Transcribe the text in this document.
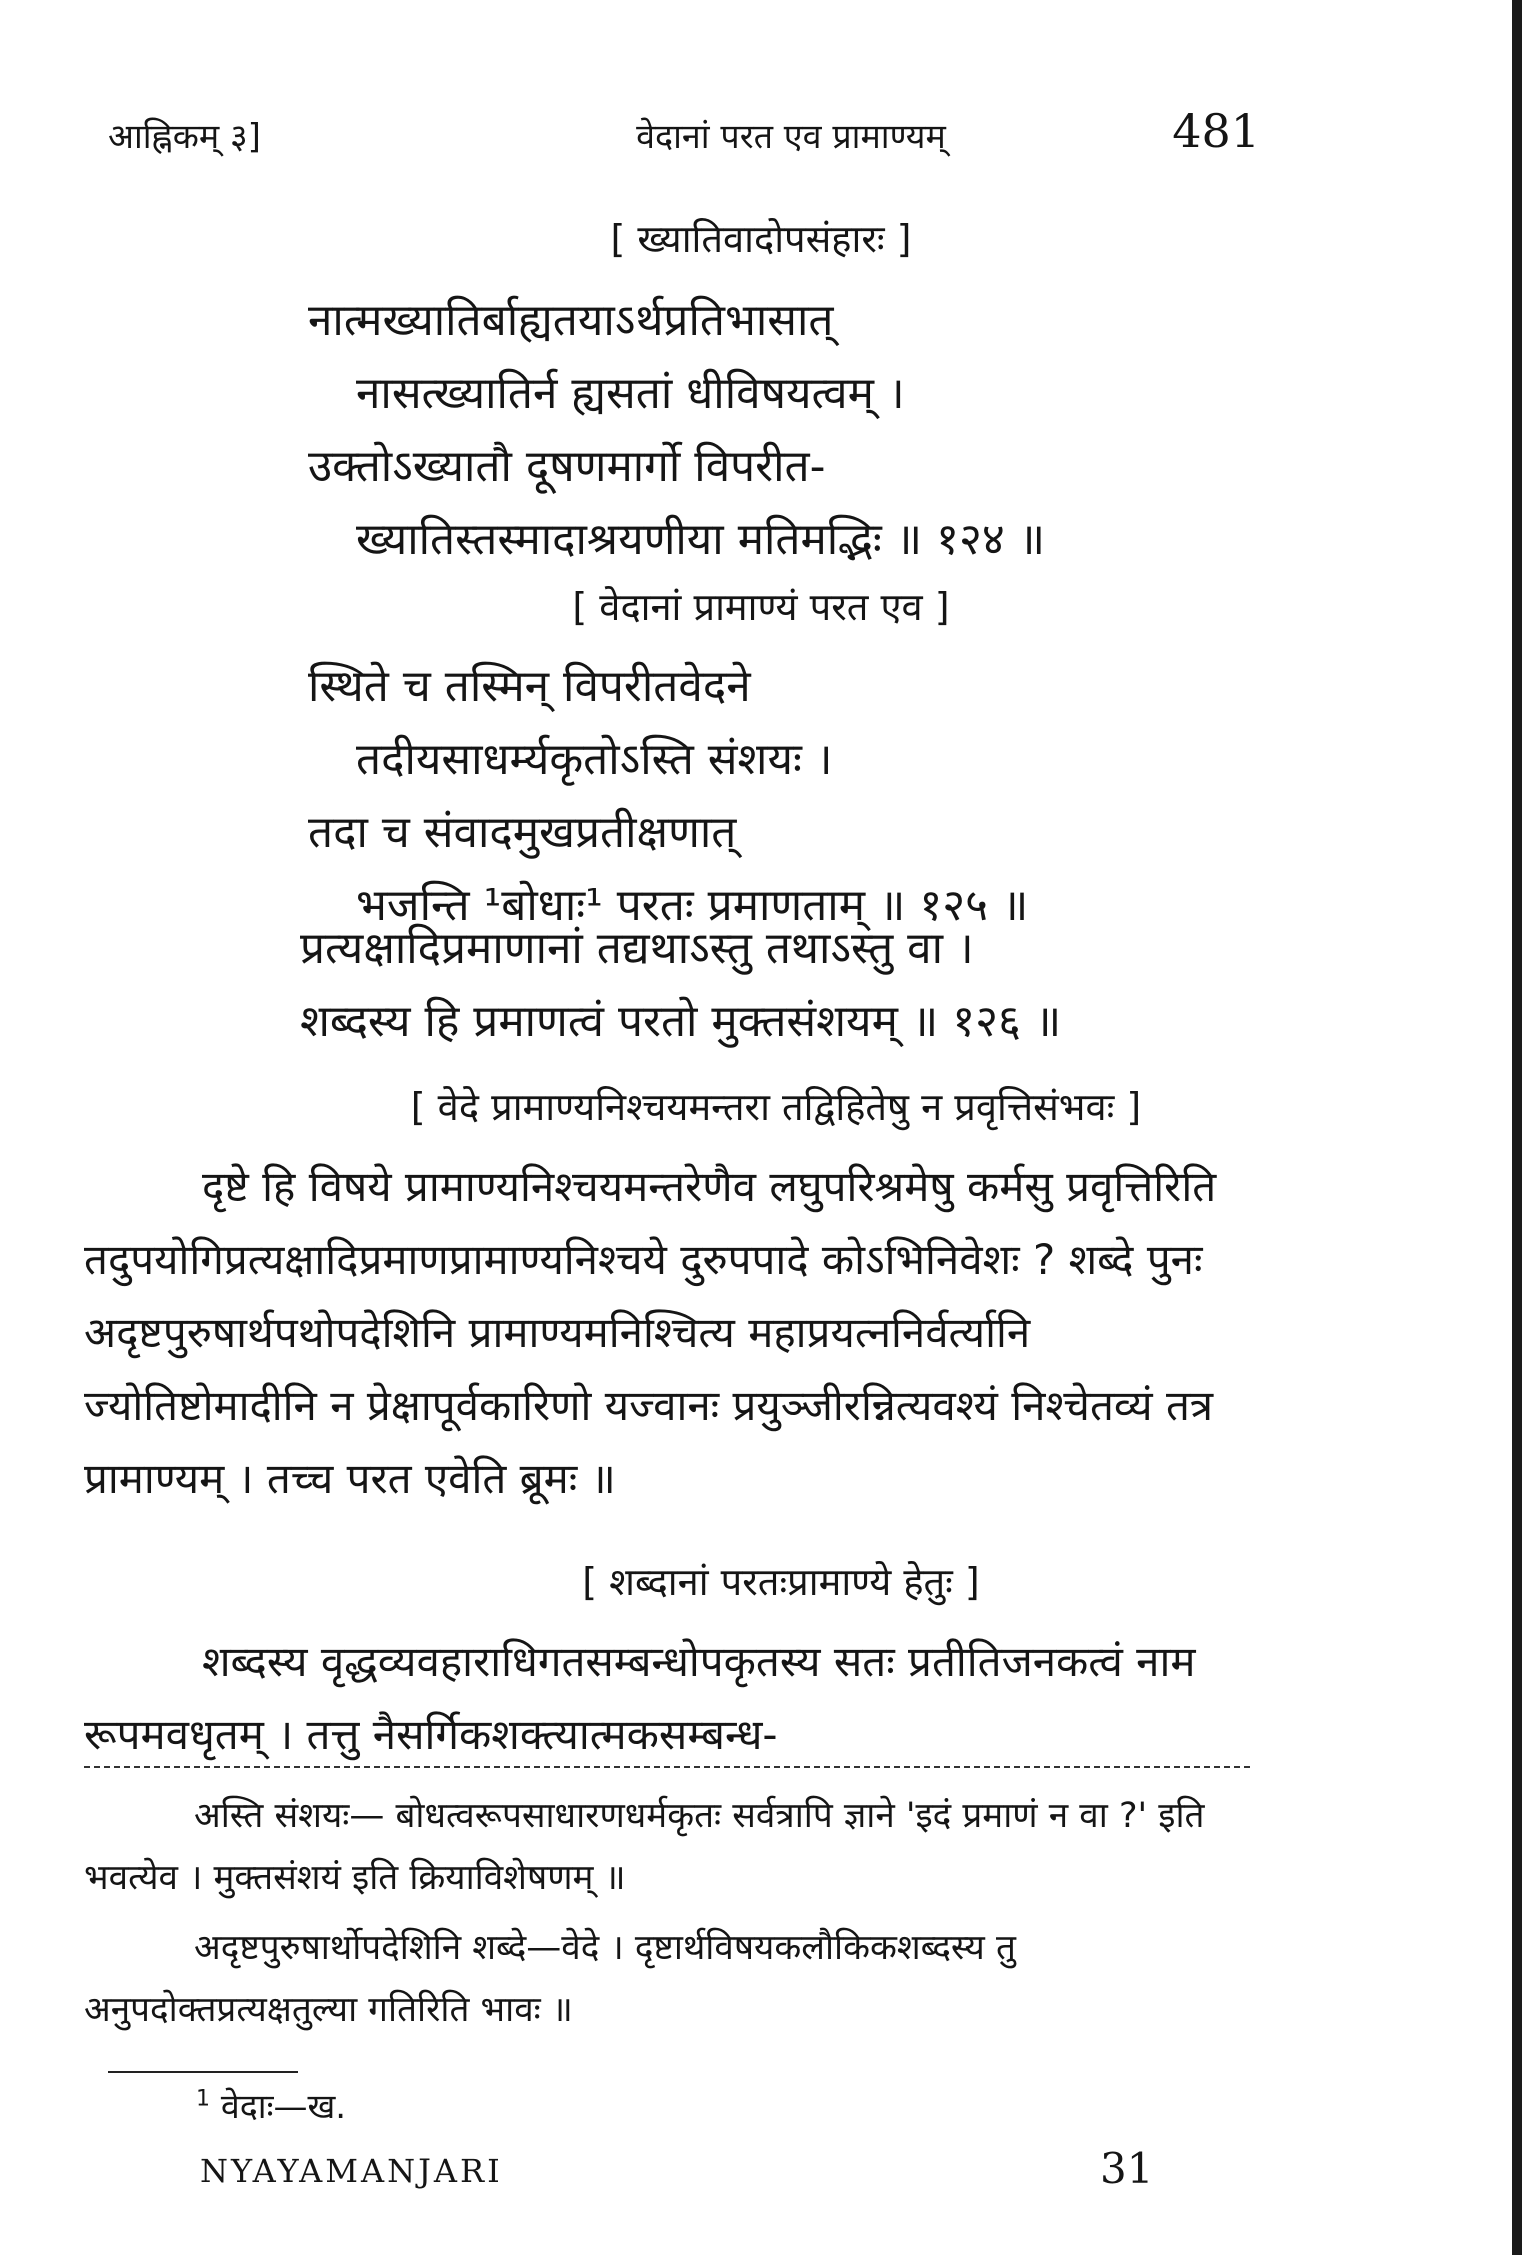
आह्निकम् ३]	वेदानां परत एव प्रामाण्यम्	481
[ ख्यातिवादोपसंहारः ]
नात्मख्यातिर्बाह्यतयाऽर्थप्रतिभासात्
नासत्ख्यातिर्न ह्यसतां धीविषयत्वम् ।
उक्तोऽख्यातौ दूषणमार्गो विपरीत-
ख्यातिस्तस्मादाश्रयणीया मतिमद्भिः ॥ १२४ ॥
[ वेदानां प्रामाण्यं परत एव ]
स्थिते च तस्मिन् विपरीतवेदने
तदीयसाधर्म्यकृतोऽस्ति संशयः ।
तदा च संवादमुखप्रतीक्षणात्
भजन्ति ¹बोधाः¹ परतः प्रमाणताम् ॥ १२५ ॥
प्रत्यक्षादिप्रमाणानां तद्यथाऽस्तु तथाऽस्तु वा ।
शब्दस्य हि प्रमाणत्वं परतो मुक्तसंशयम् ॥ १२६ ॥
[ वेदे प्रामाण्यनिश्चयमन्तरा तद्विहितेषु न प्रवृत्तिसंभवः ]
दृष्टे हि विषये प्रामाण्यनिश्चयमन्तरेणैव लघुपरिश्रमेषु कर्मसु प्रवृत्तिरिति तदुपयोगिप्रत्यक्षादिप्रमाणप्रामाण्यनिश्चये दुरुपपादे कोऽभिनिवेशः ? शब्दे पुनः अदृष्टपुरुषार्थपथोपदेशिनि प्रामाण्यमनिश्चित्य महाप्रयत्ननिर्वर्त्यानि ज्योतिष्टोमादीनि न प्रेक्षापूर्वकारिणो यज्वानः प्रयुञ्जीरन्नित्यवश्यं निश्चेतव्यं तत्र प्रामाण्यम् । तच्च परत एवेति ब्रूमः ॥
[ शब्दानां परतःप्रामाण्ये हेतुः ]
शब्दस्य वृद्धव्यवहाराधिगतसम्बन्धोपकृतस्य सतः प्रतीतिजनकत्वं नाम रूपमवधृतम् । तत्तु नैसर्गिकशक्त्यात्मकसम्बन्ध-

अस्ति संशयः— बोधत्वरूपसाधारणधर्मकृतः सर्वत्रापि ज्ञाने 'इदं प्रमाणं न वा ?' इति भवत्येव । मुक्तसंशयं इति क्रियाविशेषणम् ॥

अदृष्टपुरुषार्थोपदेशिनि शब्दे—वेदे । दृष्टार्थविषयकलौकिकशब्दस्य तु अनुपदोक्तप्रत्यक्षतुल्या गतिरिति भावः ॥

$^1$ वेदाः—ख.
NYAYAMANJARI	31
